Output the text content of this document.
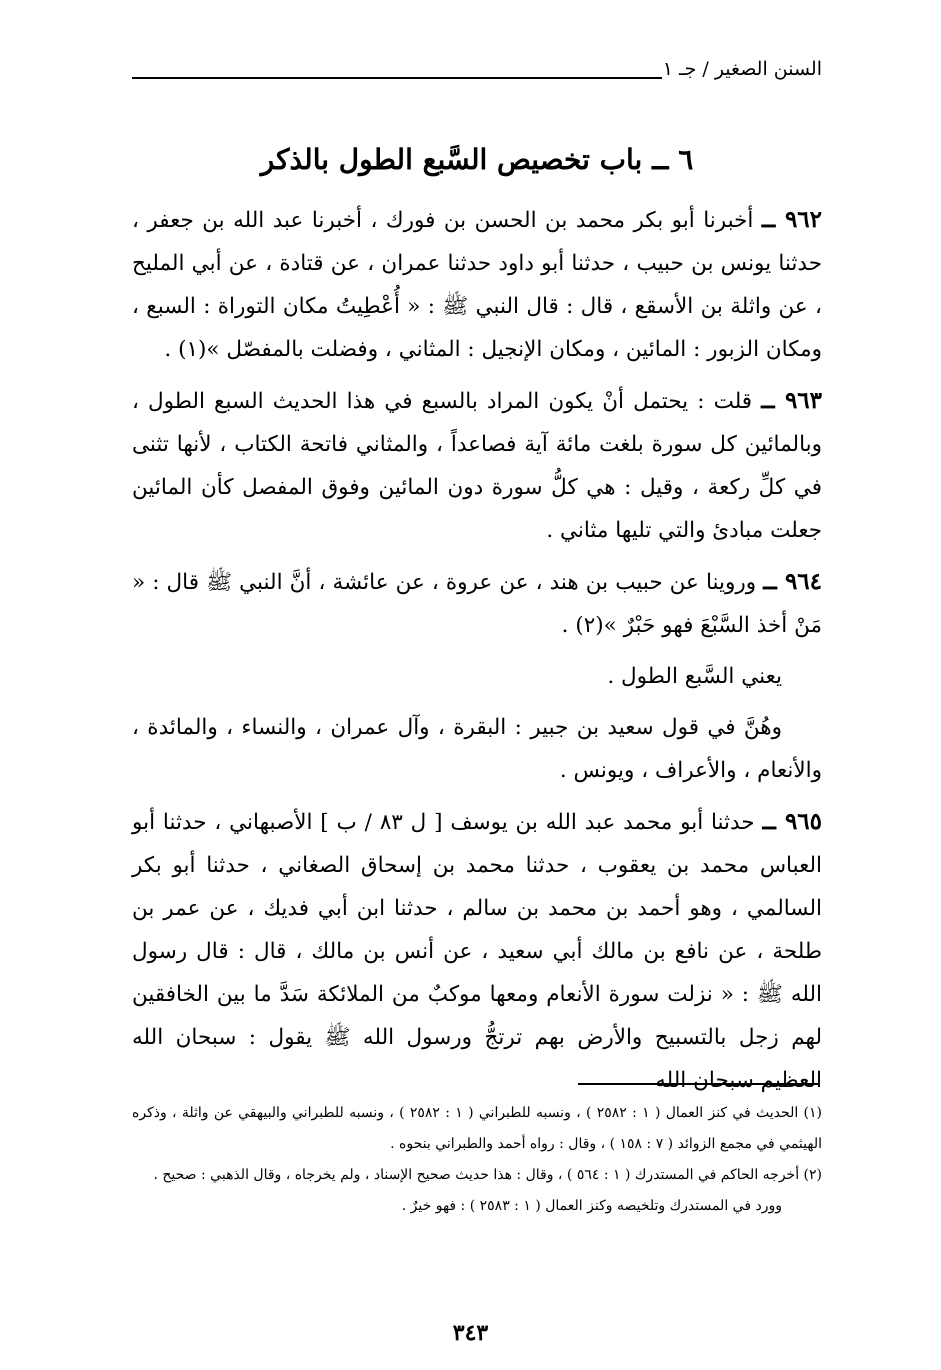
السنن الصغير / جـ ١
٦ ــ باب تخصيص السَّبع الطول بالذكر

٩٦٢ ــ أخبرنا أبو بكر محمد بن الحسن بن فورك ، أخبرنا عبد الله بن جعفر ، حدثنا يونس بن حبيب ، حدثنا أبو داود حدثنا عمران ، عن قتادة ، عن أبي المليح ، عن واثلة بن الأسقع ، قال : قال النبي ﷺ : « أُعْطِيتُ مكان التوراة : السبع ، ومكان الزبور : المائين ، ومكان الإنجيل : المثاني ، وفضلت بالمفصّل »(١) .

٩٦٣ ــ قلت : يحتمل أنْ يكون المراد بالسبع في هذا الحديث السبع الطول ، وبالمائين كل سورة بلغت مائة آية فصاعداً ، والمثاني فاتحة الكتاب ، لأنها تثنى في كلِّ ركعة ، وقيل : هي كلُّ سورة دون المائين وفوق المفصل كأن المائين جعلت مبادئ والتي تليها مثاني .

٩٦٤ ــ وروينا عن حبيب بن هند ، عن عروة ، عن عائشة ، أنَّ النبي ﷺ قال : « مَنْ أخذ السَّبْعَ فهو حَبْرٌ »(٢) .

يعني السَّبع الطول .

وهُنَّ في قول سعيد بن جبير : البقرة ، وآل عمران ، والنساء ، والمائدة ، والأنعام ، والأعراف ، ويونس .

٩٦٥ ــ حدثنا أبو محمد عبد الله بن يوسف [ ل ٨٣ / ب ] الأصبهاني ، حدثنا أبو العباس محمد بن يعقوب ، حدثنا محمد بن إسحاق الصغاني ، حدثنا أبو بكر السالمي ، وهو أحمد بن محمد بن سالم ، حدثنا ابن أبي فديك ، عن عمر بن طلحة ، عن نافع بن مالك أبي سعيد ، عن أنس بن مالك ، قال : قال رسول الله ﷺ : « نزلت سورة الأنعام ومعها موكبٌ من الملائكة سَدَّ ما بين الخافقين لهم زجل بالتسبيح والأرض بهم ترتجُّ ورسول الله ﷺ يقول : سبحان الله العظيم سبحان الله

(١) الحديث في كنز العمال ( ١ : ٢٥٨٢ ) ، ونسبه للطبراني ( ١ : ٢٥٨٢ ) ، ونسبه للطبراني والبيهقي عن واثلة ، وذكره الهيثمي في مجمع الزوائد ( ٧ : ١٥٨ ) ، وقال : رواه أحمد والطبراني بنحوه .

(٢) أخرجه الحاكم في المستدرك ( ١ : ٥٦٤ ) ، وقال : هذا حديث صحيح الإسناد ، ولم يخرجاه ، وقال الذهبي : صحيح .

وورد في المستدرك وتلخيصه وكنز العمال ( ١ : ٢٥٨٣ ) : فهو خيرٌ .

٣٤٣
